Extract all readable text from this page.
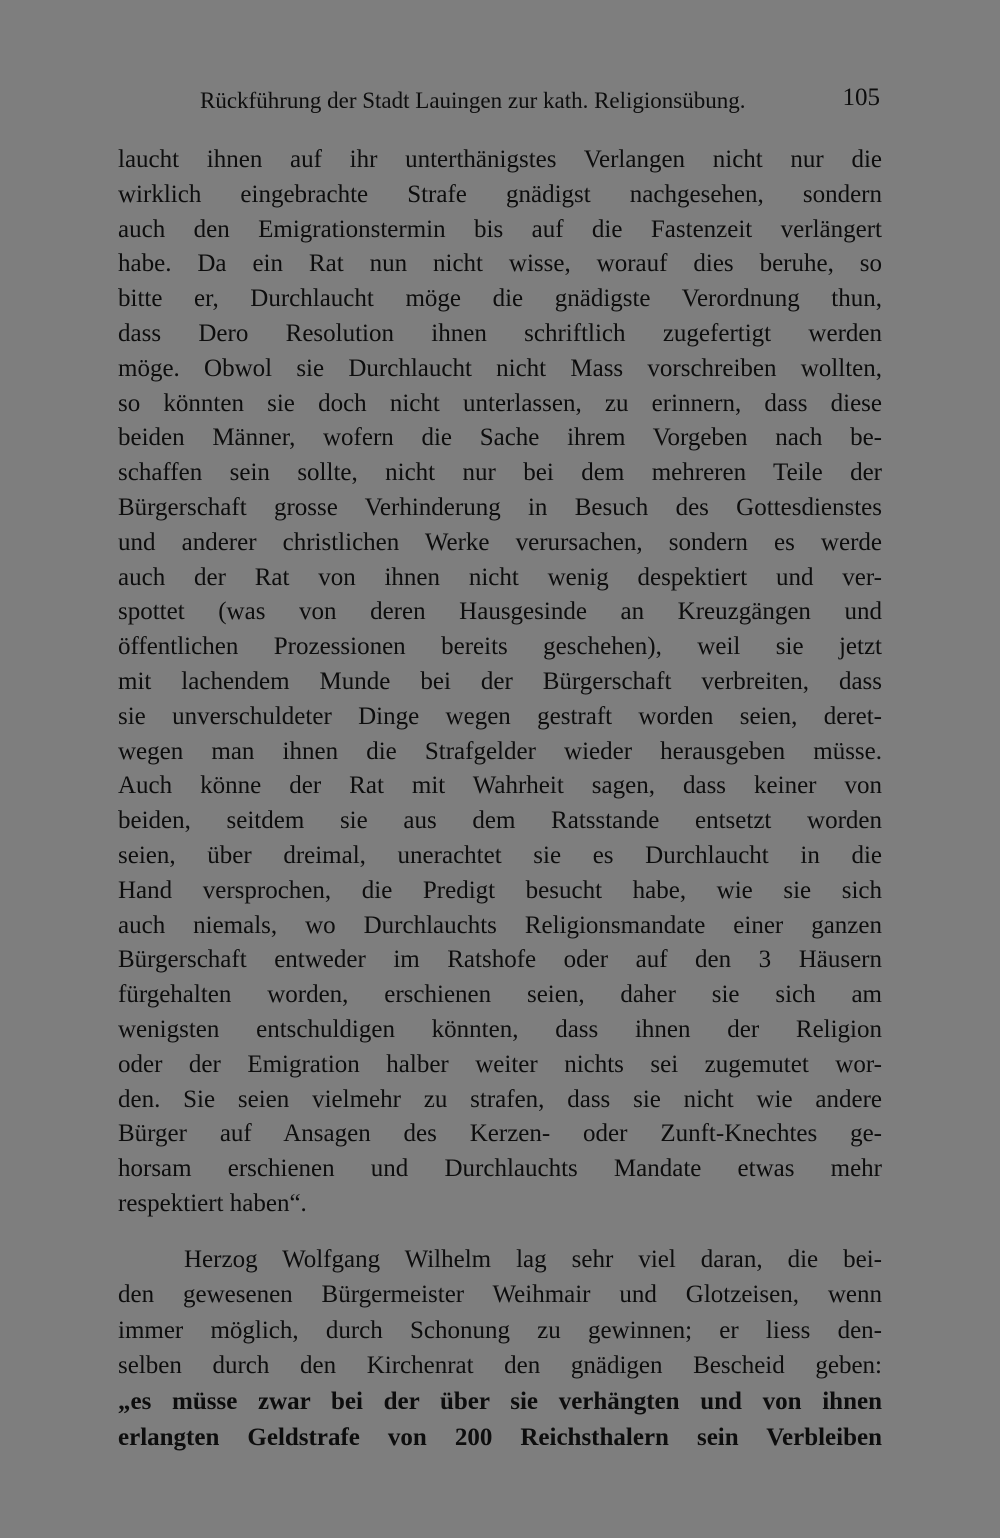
Rückführung der Stadt Lauingen zur kath. Religionsübung.	105
laucht ihnen auf ihr unterthänigstes Verlangen nicht nur die
wirklich eingebrachte Strafe gnädigst nachgesehen, sondern
auch den Emigrationstermin bis auf die Fastenzeit verlängert
habe. Da ein Rat nun nicht wisse, worauf dies beruhe, so
bitte er, Durchlaucht möge die gnädigste Verordnung thun,
dass Dero Resolution ihnen schriftlich zugefertigt werden
möge. Obwol sie Durchlaucht nicht Mass vorschreiben wollten,
so könnten sie doch nicht unterlassen, zu erinnern, dass diese
beiden Männer, wofern die Sache ihrem Vorgeben nach be-
schaffen sein sollte, nicht nur bei dem mehreren Teile der
Bürgerschaft grosse Verhinderung in Besuch des Gottesdienstes
und anderer christlichen Werke verursachen, sondern es werde
auch der Rat von ihnen nicht wenig despektiert und ver-
spottet (was von deren Hausgesinde an Kreuzgängen und
öffentlichen Prozessionen bereits geschehen), weil sie jetzt
mit lachendem Munde bei der Bürgerschaft verbreiten, dass
sie unverschuldeter Dinge wegen gestraft worden seien, deret-
wegen man ihnen die Strafgelder wieder herausgeben müsse.
Auch könne der Rat mit Wahrheit sagen, dass keiner von
beiden, seitdem sie aus dem Ratsstande entsetzt worden
seien, über dreimal, unerachtet sie es Durchlaucht in die
Hand versprochen, die Predigt besucht habe, wie sie sich
auch niemals, wo Durchlauchts Religionsmandate einer ganzen
Bürgerschaft entweder im Ratshofe oder auf den 3 Häusern
fürgehalten worden, erschienen seien, daher sie sich am
wenigsten entschuldigen könnten, dass ihnen der Religion
oder der Emigration halber weiter nichts sei zugemutet wor-
den. Sie seien vielmehr zu strafen, dass sie nicht wie andere
Bürger auf Ansagen des Kerzen- oder Zunft-Knechtes ge-
horsam erschienen und Durchlauchts Mandate etwas mehr
respektiert haben“.
Herzog Wolfgang Wilhelm lag sehr viel daran, die bei-
den gewesenen Bürgermeister Weihmair und Glotzeisen, wenn
immer möglich, durch Schonung zu gewinnen; er liess den-
selben durch den Kirchenrat den gnädigen Bescheid geben:
„es müsse zwar bei der über sie verhängten und von ihnen
erlangten Geldstrafe von 200 Reichsthalern sein Verbleiben
